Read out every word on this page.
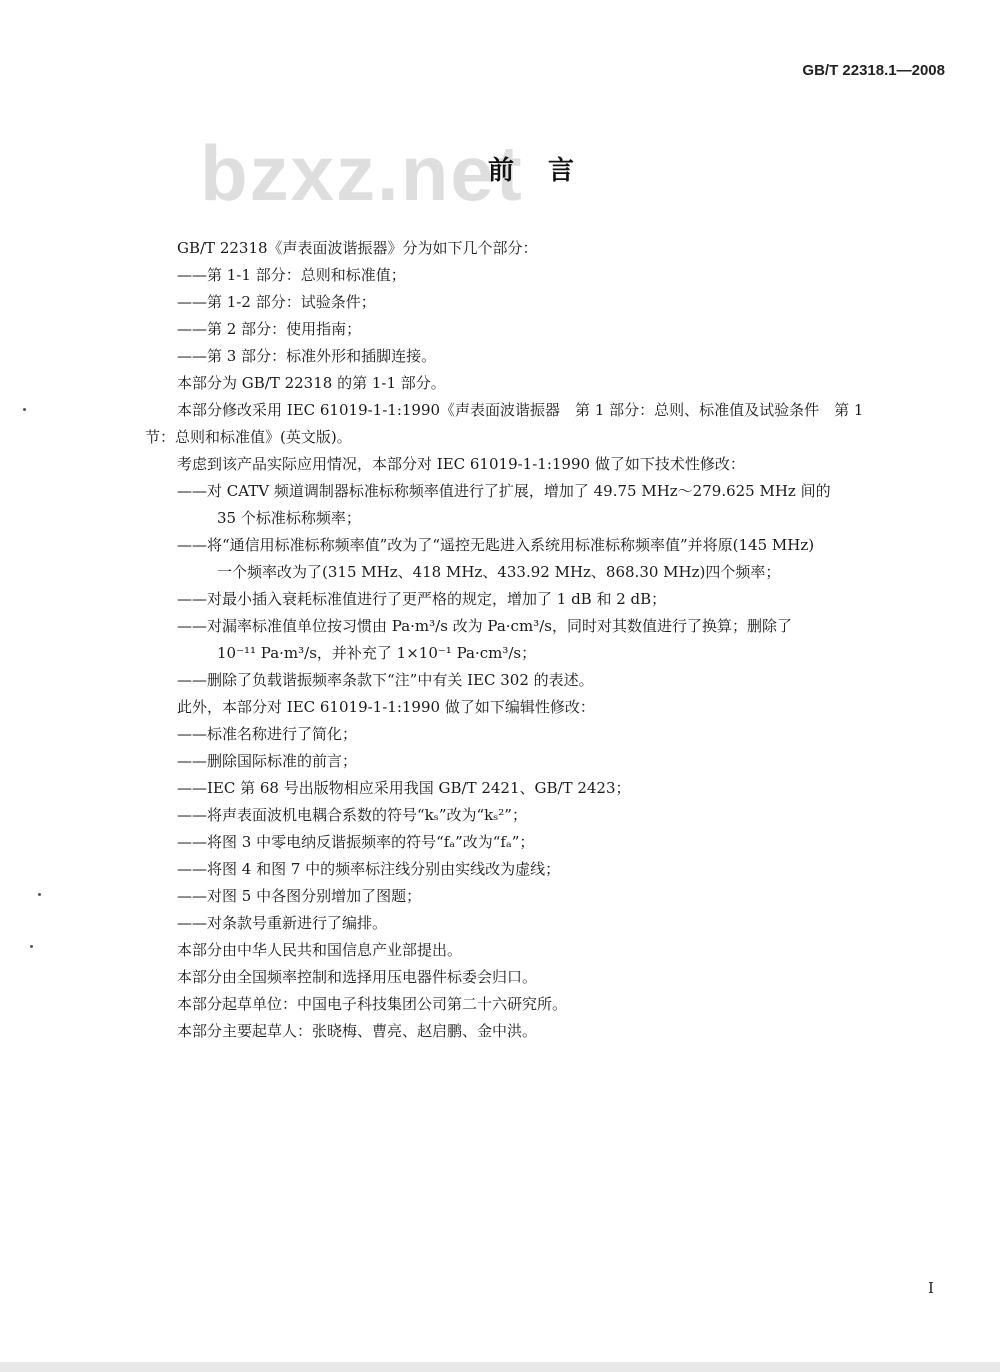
GB/T 22318.1—2008
bzxz.net
前言
GB/T 22318《声表面波谐振器》分为如下几个部分：
——第 1-1 部分：总则和标准值；
——第 1-2 部分：试验条件；
——第 2 部分：使用指南；
——第 3 部分：标准外形和插脚连接。
本部分为 GB/T 22318 的第 1-1 部分。
本部分修改采用 IEC 61019-1-1:1990《声表面波谐振器　第 1 部分：总则、标准值及试验条件　第 1
节：总则和标准值》(英文版)。
考虑到该产品实际应用情况，本部分对 IEC 61019-1-1:1990 做了如下技术性修改：
——对 CATV 频道调制器标准标称频率值进行了扩展，增加了 49.75 MHz～279.625 MHz 间的
35 个标准标称频率；
——将“通信用标准标称频率值”改为了“遥控无匙进入系统用标准标称频率值”并将原(145 MHz)
一个频率改为了(315 MHz、418 MHz、433.92 MHz、868.30 MHz)四个频率；
——对最小插入衰耗标准值进行了更严格的规定，增加了 1 dB 和 2 dB；
——对漏率标准值单位按习惯由 Pa·m³/s 改为 Pa·cm³/s，同时对其数值进行了换算；删除了
10⁻¹¹ Pa·m³/s，并补充了 1×10⁻¹ Pa·cm³/s；
——删除了负载谐振频率条款下“注”中有关 IEC 302 的表述。
此外，本部分对 IEC 61019-1-1:1990 做了如下编辑性修改：
——标准名称进行了简化；
——删除国际标准的前言；
——IEC 第 68 号出版物相应采用我国 GB/T 2421、GB/T 2423；
——将声表面波机电耦合系数的符号“kₛ”改为“kₛ²”；
——将图 3 中零电纳反谐振频率的符号“fₐ”改为“fₐ”；
——将图 4 和图 7 中的频率标注线分别由实线改为虚线；
——对图 5 中各图分别增加了图题；
——对条款号重新进行了编排。
本部分由中华人民共和国信息产业部提出。
本部分由全国频率控制和选择用压电器件标委会归口。
本部分起草单位：中国电子科技集团公司第二十六研究所。
本部分主要起草人：张晓梅、曹亮、赵启鹏、金中洪。
I
